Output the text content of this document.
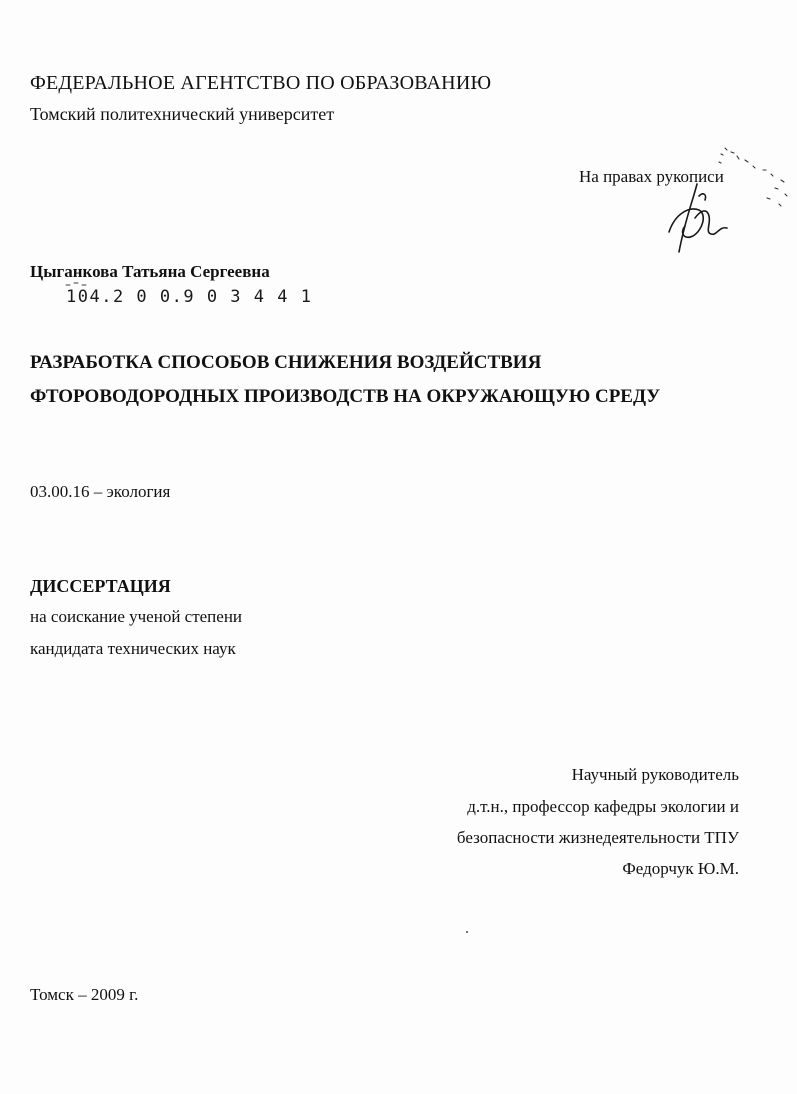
ФЕДЕРАЛЬНОЕ АГЕНТСТВО ПО ОБРАЗОВАНИЮ
Томский политехнический университет
На правах рукописи
Цыганкова Татьяна Сергеевна
104.2 0 0.9 0 3 4 4 1
РАЗРАБОТКА СПОСОБОВ СНИЖЕНИЯ ВОЗДЕЙСТВИЯ
ФТОРОВОДОРОДНЫХ ПРОИЗВОДСТВ НА ОКРУЖАЮЩУЮ СРЕДУ
03.00.16 – экология
ДИССЕРТАЦИЯ
на соискание ученой степени
кандидата технических наук
Научный руководитель
д.т.н., профессор кафедры экологии и
безопасности жизнедеятельности ТПУ
Федорчук Ю.М.
Томск – 2009 г.
